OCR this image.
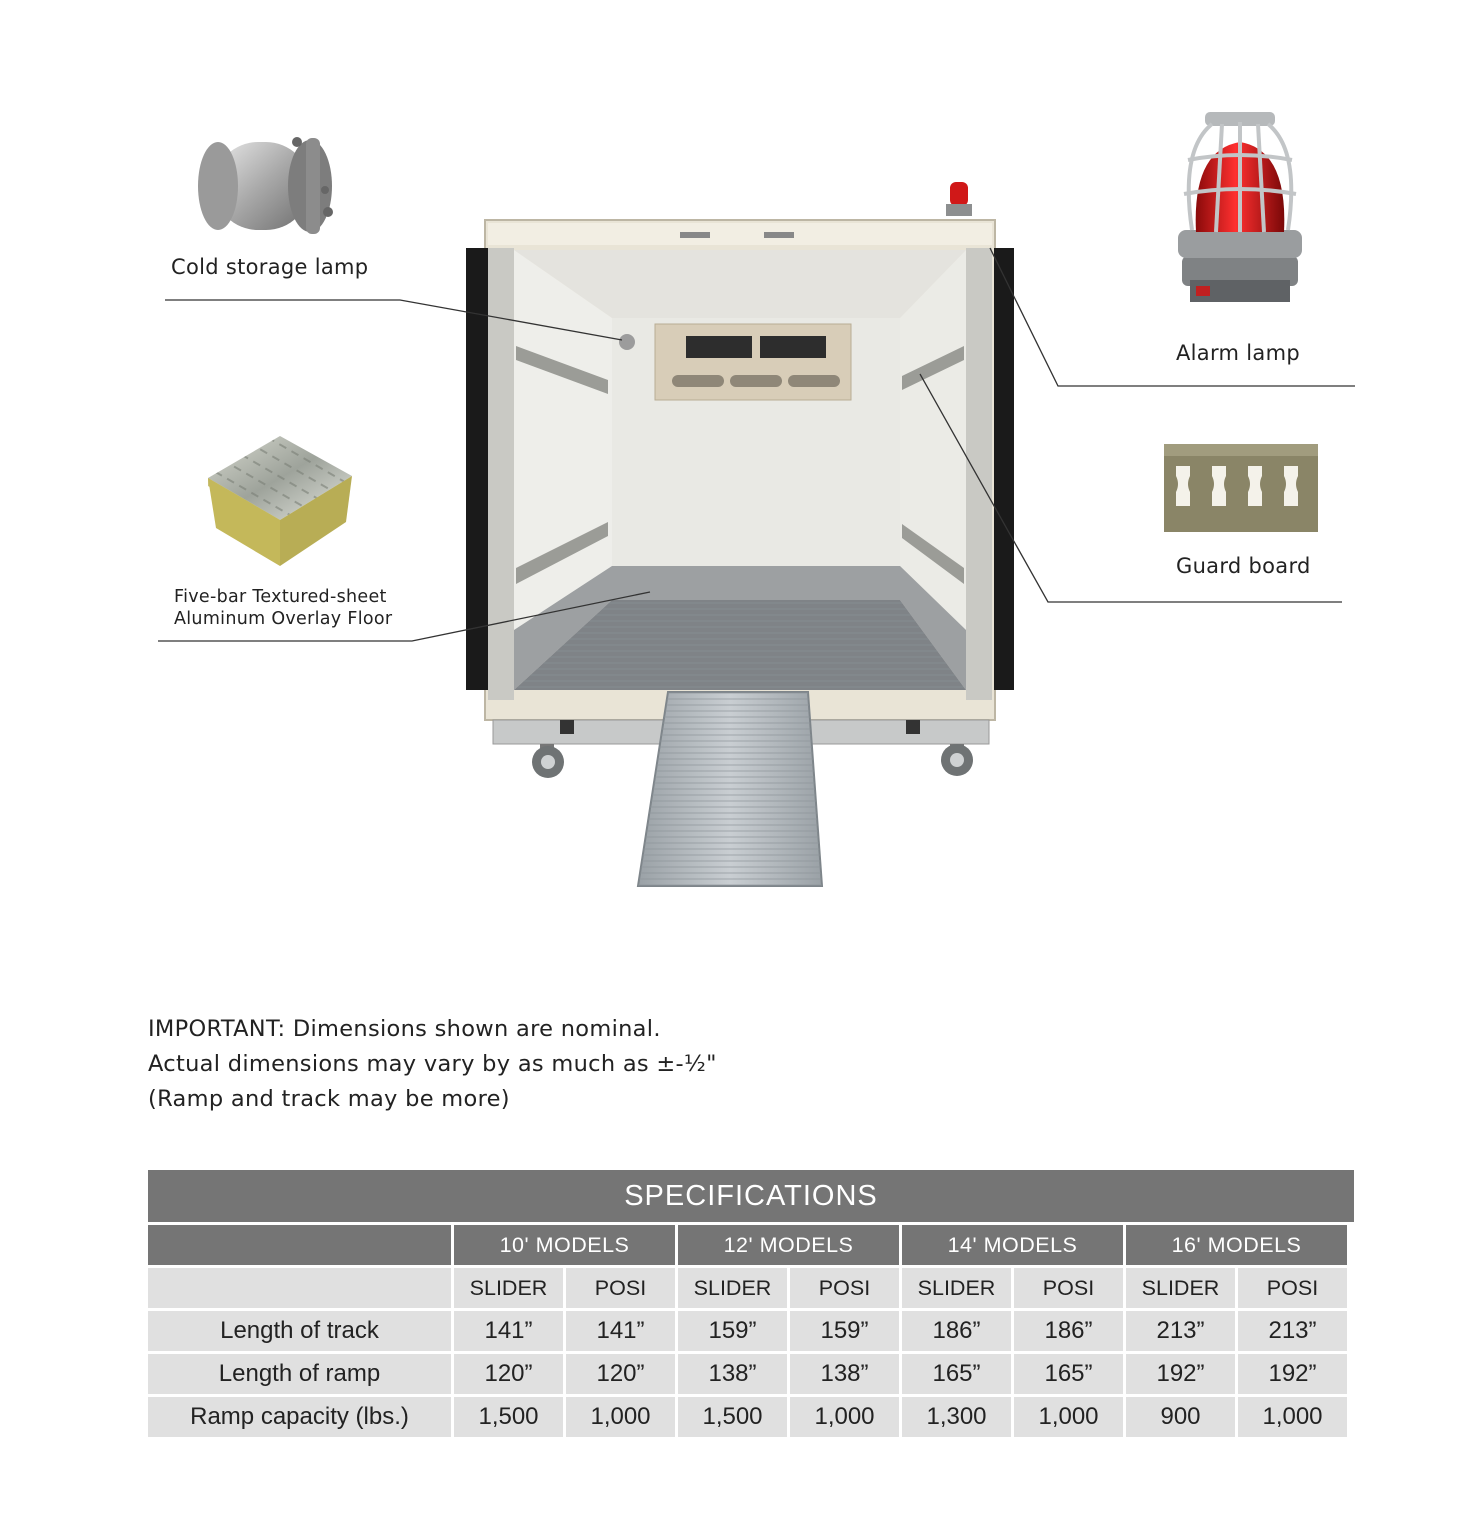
Cold storage lamp
Alarm lamp
Five-bar Textured-sheet
Aluminum Overlay Floor
Guard board
IMPORTANT: Dimensions shown are nominal.
Actual dimensions may vary by as much as ±-½"
(Ramp and track may be more)
SPECIFICATIONS
10' MODELS	12' MODELS	14' MODELS	16' MODELS
SLIDER	POSI	SLIDER	POSI	SLIDER	POSI	SLIDER	POSI
Length of track	141”	141”	159”	159”	186”	186”	213”	213”
Length of ramp	120”	120”	138”	138”	165”	165”	192”	192”
Ramp capacity (lbs.)	1,500	1,000	1,500	1,000	1,300	1,000	900	1,000
